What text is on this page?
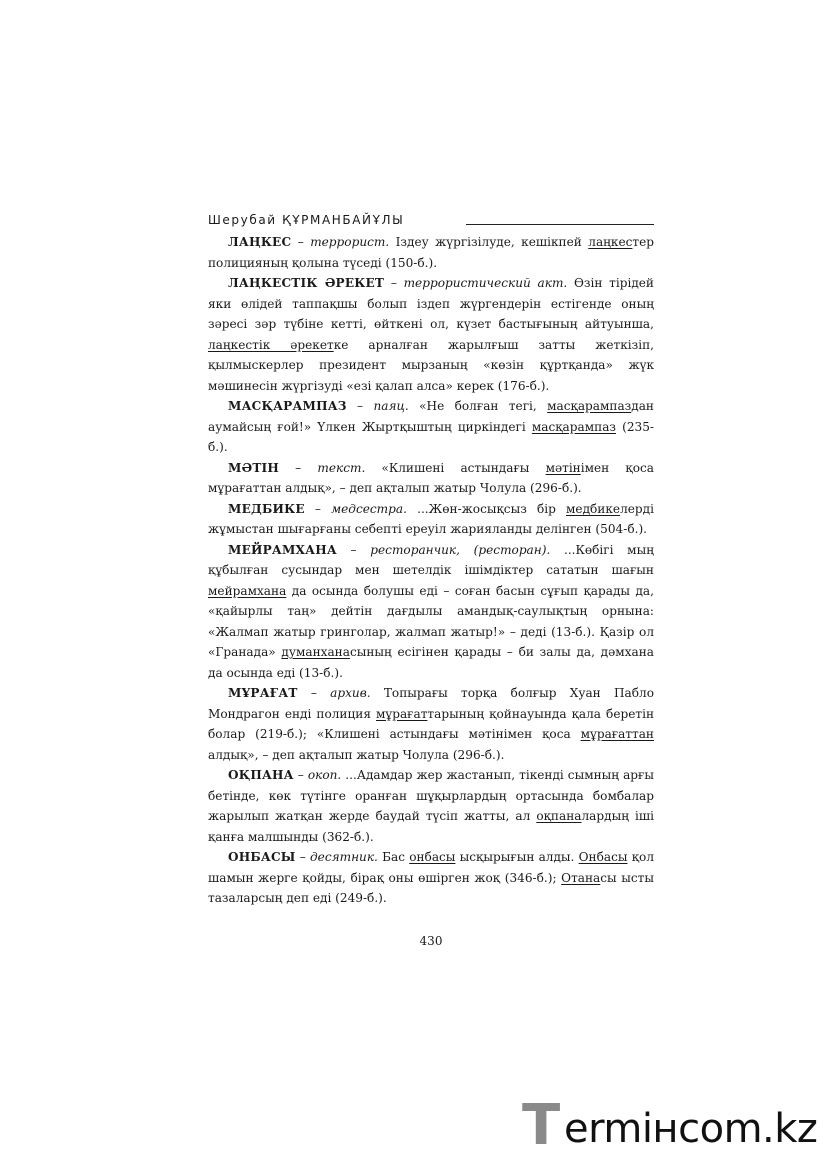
Шерубай ҚҰРМАНБАЙҰЛЫ

ЛАҢКЕС – террорист. Іздеу жүргізілуде, кешікпей лаңкестер полицияның қолына түседі (150-б.).

ЛАҢКЕСТІК ӘРЕКЕТ – террористический акт. Өзін тірідей яки өлідей таппақшы болып іздеп жүргендерін естігенде оның зәресі зәр түбіне кетті, өйткені ол, күзет бастығының айтуынша, лаңкестік әрекетке арналған жарылғыш затты жеткізіп, қылмыскерлер президент мырзаның «көзін құртқанда» жүк мәшинесін жүргізуді «езі қалап алса» керек (176-б.).

МАСҚАРАМПАЗ – паяц. «Не болған тегі, масқарампаздан аумайсың ғой!» Үлкен Жыртқыштың циркіндегі масқарампаз (235-б.).

МӘТІН – текст. «Клишені астындағы мәтінімен қоса мұрағаттан алдық», – деп ақталып жатыр Чолула (296-б.).

МЕДБИКЕ – медсестра. ...Жөн-жосықсыз бір медбикелерді жұмыстан шығарғаны себепті ереуіл жарияланды делінген (504-б.).

МЕЙРАМХАНА – ресторанчик, (ресторан). ...Көбігі мың құбылған сусындар мен шетелдік ішімдіктер сататын шағын мейрамхана да осында болушы еді – соған басын сұғып қарады да, «қайырлы таң» дейтін дағдылы амандық-саулықтың орнына: «Жалмап жатыр гринголар, жалмап жатыр!» – деді (13-б.). Қазір ол «Гранада» думанханасының есігінен қарады – би залы да, дәмхана да осында еді (13-б.).

МҰРАҒАТ – архив. Топырағы торқа болғыр Хуан Пабло Мондрагон енді полиция мұрағаттарының қойнауында қала беретін болар (219-б.); «Клишені астындағы мәтінімен қоса мұрағаттан алдық», – деп ақталып жатыр Чолула (296-б.).

ОҚПАНА – окоп. ...Адамдар жер жастанып, тікенді сымның арғы бетінде, көк түтінге оранған шұқырлардың ортасында бомбалар жарылып жатқан жерде баудай түсіп жатты, ал оқпаналардың іші қанға малшынды (362-б.).

ОНБАСЫ – десятник. Бас онбасы ысқырығын алды. Онбасы қол шамын жерге қойды, бірақ оны өшірген жоқ (346-б.); Отанасы ысты тазаларсың деп еді (249-б.).

430
T ermінсom.kz
